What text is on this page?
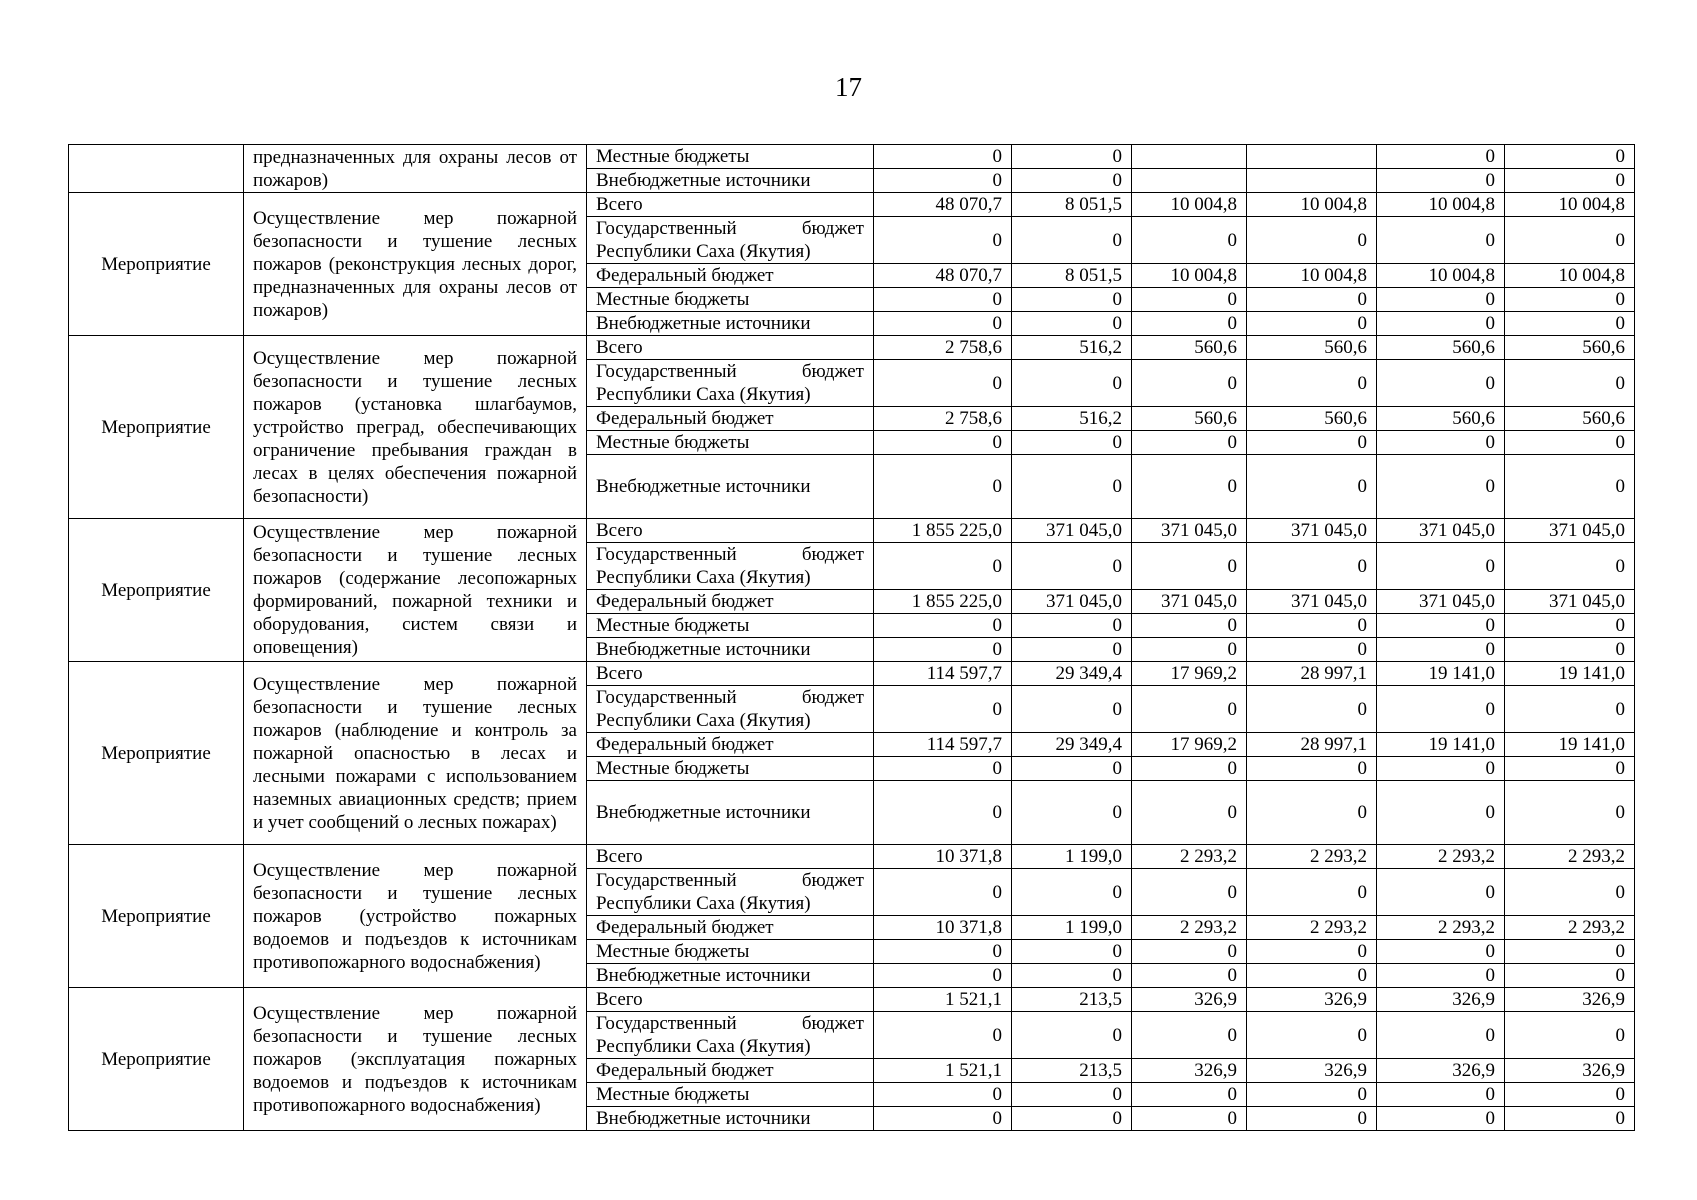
17
	предназначенных для охраны лесов от пожаров)	Местные бюджеты	0	0			0	0
		Внебюджетные источники	0	0			0	0
Мероприятие	Осуществление мер пожарной безопасности и тушение лесных пожаров (реконструкция лесных дорог, предназначенных для охраны лесов от пожаров)	Всего	48 070,7	8 051,5	10 004,8	10 004,8	10 004,8	10 004,8
		Государственный бюджет Республики Саха (Якутия)	0	0	0	0	0	0
		Федеральный бюджет	48 070,7	8 051,5	10 004,8	10 004,8	10 004,8	10 004,8
		Местные бюджеты	0	0	0	0	0	0
		Внебюджетные источники	0	0	0	0	0	0
Мероприятие	Осуществление мер пожарной безопасности и тушение лесных пожаров (установка шлагбаумов, устройство преград, обеспечивающих ограничение пребывания граждан в лесах в целях обеспечения пожарной безопасности)	Всего	2 758,6	516,2	560,6	560,6	560,6	560,6
		Государственный бюджет Республики Саха (Якутия)	0	0	0	0	0	0
		Федеральный бюджет	2 758,6	516,2	560,6	560,6	560,6	560,6
		Местные бюджеты	0	0	0	0	0	0
		Внебюджетные источники	0	0	0	0	0	0
Мероприятие	Осуществление мер пожарной безопасности и тушение лесных пожаров (содержание лесопожарных формирований, пожарной техники и оборудования, систем связи и оповещения)	Всего	1 855 225,0	371 045,0	371 045,0	371 045,0	371 045,0	371 045,0
		Государственный бюджет Республики Саха (Якутия)	0	0	0	0	0	0
		Федеральный бюджет	1 855 225,0	371 045,0	371 045,0	371 045,0	371 045,0	371 045,0
		Местные бюджеты	0	0	0	0	0	0
		Внебюджетные источники	0	0	0	0	0	0
Мероприятие	Осуществление мер пожарной безопасности и тушение лесных пожаров (наблюдение и контроль за пожарной опасностью в лесах и лесными пожарами с использованием наземных авиационных средств; прием и учет сообщений о лесных пожарах)	Всего	114 597,7	29 349,4	17 969,2	28 997,1	19 141,0	19 141,0
		Государственный бюджет Республики Саха (Якутия)	0	0	0	0	0	0
		Федеральный бюджет	114 597,7	29 349,4	17 969,2	28 997,1	19 141,0	19 141,0
		Местные бюджеты	0	0	0	0	0	0
		Внебюджетные источники	0	0	0	0	0	0
Мероприятие	Осуществление мер пожарной безопасности и тушение лесных пожаров (устройство пожарных водоемов и подъездов к источникам противопожарного водоснабжения)	Всего	10 371,8	1 199,0	2 293,2	2 293,2	2 293,2	2 293,2
		Государственный бюджет Республики Саха (Якутия)	0	0	0	0	0	0
		Федеральный бюджет	10 371,8	1 199,0	2 293,2	2 293,2	2 293,2	2 293,2
		Местные бюджеты	0	0	0	0	0	0
		Внебюджетные источники	0	0	0	0	0	0
Мероприятие	Осуществление мер пожарной безопасности и тушение лесных пожаров (эксплуатация пожарных водоемов и подъездов к источникам противопожарного водоснабжения)	Всего	1 521,1	213,5	326,9	326,9	326,9	326,9
		Государственный бюджет Республики Саха (Якутия)	0	0	0	0	0	0
		Федеральный бюджет	1 521,1	213,5	326,9	326,9	326,9	326,9
		Местные бюджеты	0	0	0	0	0	0
		Внебюджетные источники	0	0	0	0	0	0
